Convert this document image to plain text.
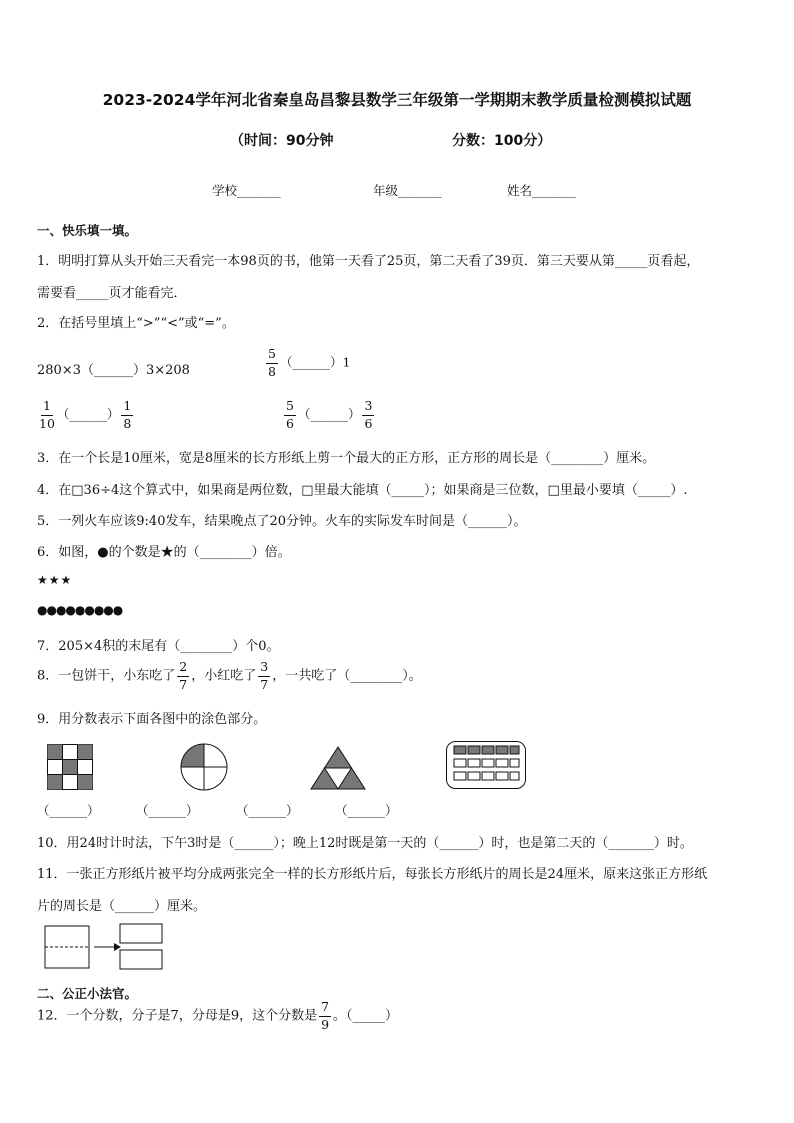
2023-2024学年河北省秦皇岛昌黎县数学三年级第一学期期末教学质量检测模拟试题
（时间：90分钟	分数：100分）
学校_______	年级_______	姓名_______
一、快乐填一填。
1．明明打算从头开始三天看完一本98页的书，他第一天看了25页，第二天看了39页．第三天要从第_____页看起，
需要看_____页才能看完．
2．在括号里填上“>”“<”或“=”。
280×3（______）3×208	$\frac{5}{8}$ （______）1
$\frac{1}{10}$ （______） $\frac{1}{8}$	$\frac{5}{6}$ （______） $\frac{3}{6}$
3．在一个长是10厘米，宽是8厘米的长方形纸上剪一个最大的正方形，正方形的周长是（________）厘米。
4．在□36÷4这个算式中，如果商是两位数，□里最大能填（_____）；如果商是三位数，□里最小要填（_____）.
5．一列火车应该9:40发车，结果晚点了20分钟。火车的实际发车时间是（______）。
6．如图，●的个数是★的（________）倍。
★★★
●●●●●●●●●
7．205×4积的末尾有（________）个0。
8．一包饼干，小东吃了 $\frac{2}{7}$ ，小红吃了 $\frac{3}{7}$ ，一共吃了（________）。
9．用分数表示下面各图中的涂色部分。
（______）	（______）	（______）	（______）
10．用24时计时法，下午3时是（______）；晚上12时既是第一天的（______）时，也是第二天的（_______）时。
11．一张正方形纸片被平均分成两张完全一样的长方形纸片后，每张长方形纸片的周长是24厘米，原来这张正方形纸
片的周长是（______）厘米。
二、公正小法官。
12．一个分数，分子是7，分母是9，这个分数是 $\frac{7}{9}$ 。（_____）
